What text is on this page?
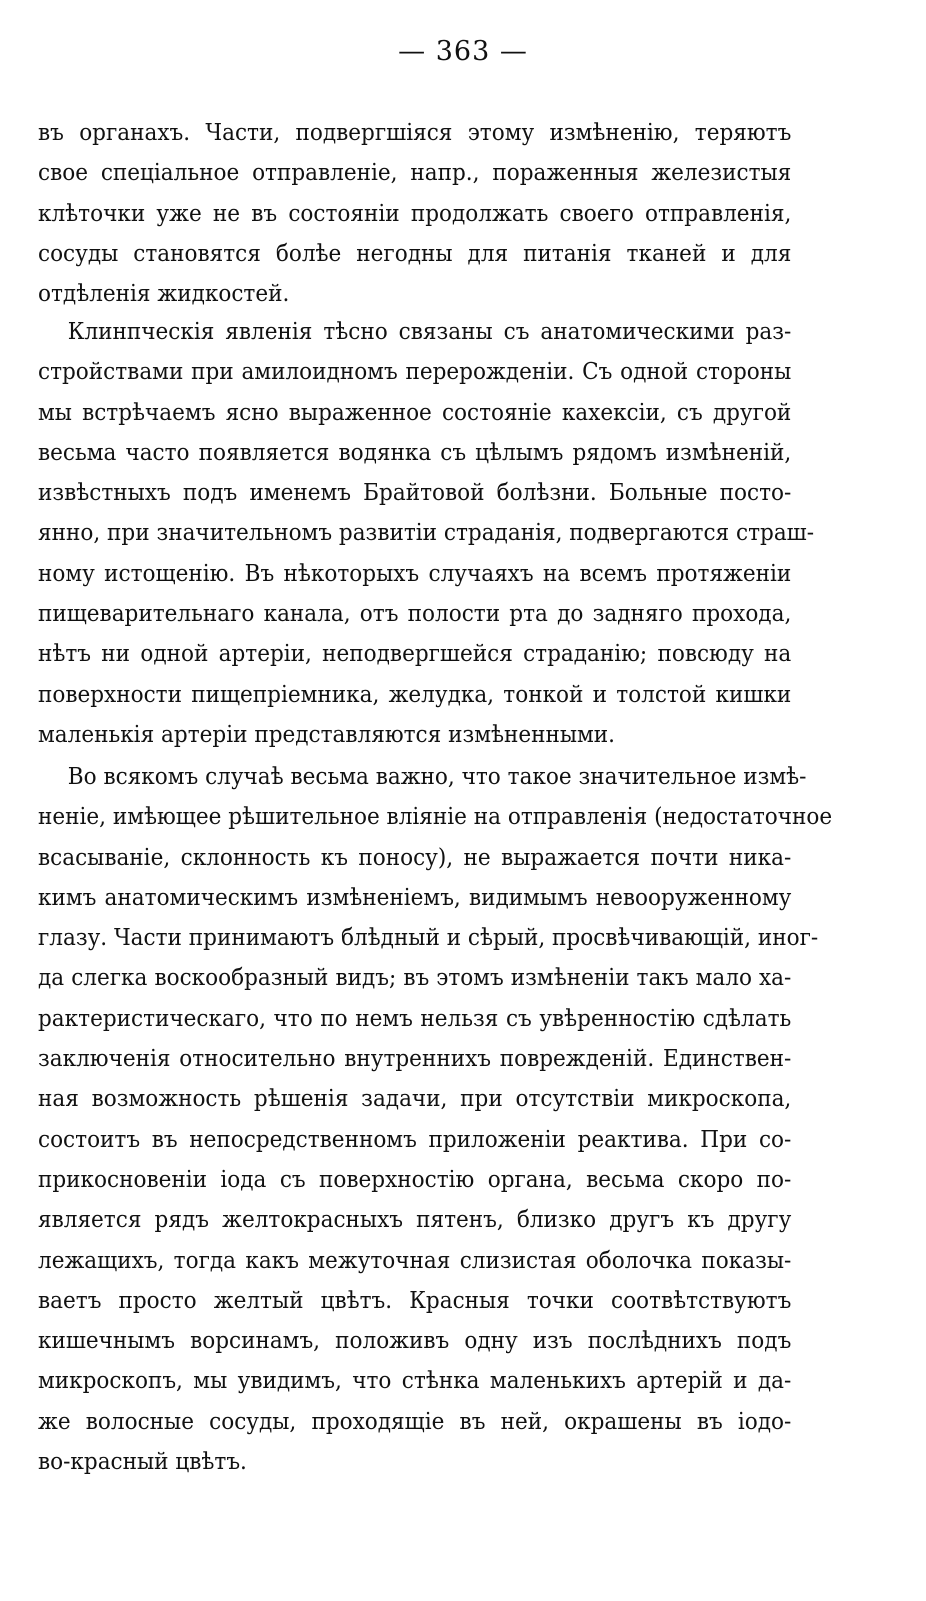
— 363 —
въ органахъ. Части, подвергшіяся этому измѣненію, теряютъ
свое спеціальное отправленіе, напр., пораженныя железистыя
клѣточки уже не въ состояніи продолжать своего отправленія,
сосуды становятся болѣе негодны для питанія тканей и для
отдѣленія жидкостей.
Клинпческія явленія тѣсно связаны съ анатомическими раз-
стройствами при амилоидномъ перерожденіи. Съ одной стороны
мы встрѣчаемъ ясно выраженное состояніе кахексіи, съ другой
весьма часто появляется водянка съ цѣлымъ рядомъ измѣненій,
извѣстныхъ подъ именемъ Брайтовой болѣзни. Больные посто-
янно, при значительномъ развитіи страданія, подвергаются страш-
ному истощенію. Въ нѣкоторыхъ случаяхъ на всемъ протяженіи
пищеварительнаго канала, отъ полости рта до задняго прохода,
нѣтъ ни одной артеріи, неподвергшейся страданію; повсюду на
поверхности пищепріемника, желудка, тонкой и толстой кишки
маленькія артеріи представляются измѣненными.
Во всякомъ случаѣ весьма важно, что такое значительное измѣ-
неніе, имѣющее рѣшительное вліяніе на отправленія (недостаточное
всасываніе, склонность къ поносу), не выражается почти ника-
кимъ анатомическимъ измѣненіемъ, видимымъ невооруженному
глазу. Части принимаютъ блѣдный и сѣрый, просвѣчивающій, иног-
да слегка воскообразный видъ; въ этомъ измѣненіи такъ мало ха-
рактеристическаго, что по немъ нельзя съ увѣренностію сдѣлать
заключенія относительно внутреннихъ поврежденій. Единствен-
ная возможность рѣшенія задачи, при отсутствіи микроскопа,
состоитъ въ непосредственномъ приложеніи реактива. При со-
прикосновеніи іода съ поверхностію органа, весьма скоро по-
является рядъ желтокрасныхъ пятенъ, близко другъ къ другу
лежащихъ, тогда какъ межуточная слизистая оболочка показы-
ваетъ просто желтый цвѣтъ. Красныя точки соотвѣтствуютъ
кишечнымъ ворсинамъ, положивъ одну изъ послѣднихъ подъ
микроскопъ, мы увидимъ, что стѣнка маленькихъ артерій и да-
же волосные сосуды, проходящіе въ ней, окрашены въ іодо-
во-красный цвѣтъ.
